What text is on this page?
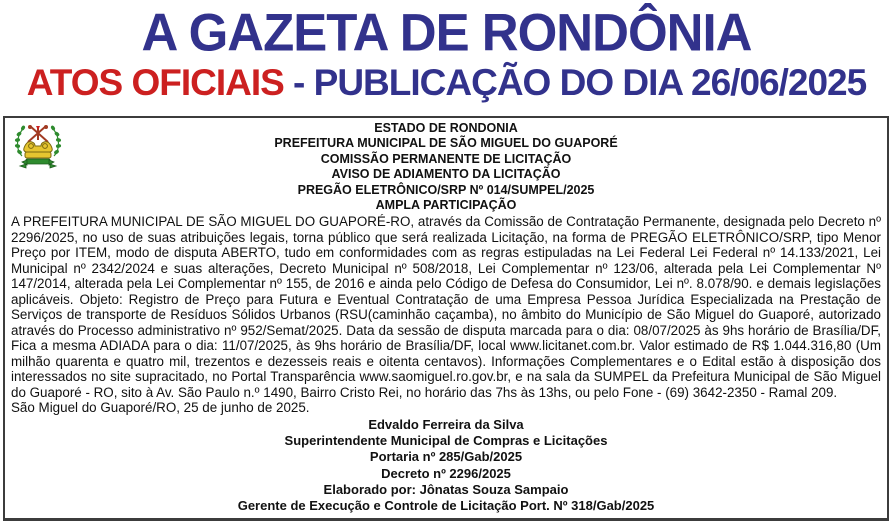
A GAZETA DE RONDÔNIA
ATOS OFICIAIS - PUBLICAÇÃO DO DIA 26/06/2025
ESTADO DE RONDONIA
PREFEITURA MUNICIPAL DE SÃO MIGUEL DO GUAPORÉ
COMISSÃO PERMANENTE DE LICITAÇÃO
AVISO DE ADIAMENTO DA LICITAÇÃO
PREGÃO ELETRÔNICO/SRP Nº 014/SUMPEL/2025
AMPLA PARTICIPAÇÃO
A PREFEITURA MUNICIPAL DE SÃO MIGUEL DO GUAPORÉ-RO, através da Comissão de Contratação Permanente, designada pelo Decreto nº 2296/2025, no uso de suas atribuições legais, torna público que será realizada Licitação, na forma de PREGÃO ELETRÔNICO/SRP, tipo Menor Preço por ITEM, modo de disputa ABERTO, tudo em conformidades com as regras estipuladas na Lei Federal Lei Federal nº 14.133/2021, Lei Municipal nº 2342/2024 e suas alterações, Decreto Municipal nº 508/2018, Lei Complementar nº 123/06, alterada pela Lei Complementar Nº 147/2014, alterada pela Lei Complementar nº 155, de 2016 e ainda pelo Código de Defesa do Consumidor, Lei nº. 8.078/90. e demais legislações aplicáveis. Objeto: Registro de Preço para Futura e Eventual Contratação de uma Empresa Pessoa Jurídica Especializada na Prestação de Serviços de transporte de Resíduos Sólidos Urbanos (RSU(caminhão caçamba), no âmbito do Município de São Miguel do Guaporé, autorizado através do Processo administrativo nº 952/Semat/2025. Data da sessão de disputa marcada para o dia: 08/07/2025 às 9hs horário de Brasília/DF, Fica a mesma ADIADA para o dia: 11/07/2025, às 9hs horário de Brasília/DF, local www.licitanet.com.br. Valor estimado de R$ 1.044.316,80 (Um milhão quarenta e quatro mil, trezentos e dezesseis reais e oitenta centavos). Informações Complementares e o Edital estão à disposição dos interessados no site supracitado, no Portal Transparência www.saomiguel.ro.gov.br, e na sala da SUMPEL da Prefeitura Municipal de São Miguel do Guaporé - RO, sito à Av. São Paulo n.º 1490, Bairro Cristo Rei, no horário das 7hs às 13hs, ou pelo Fone - (69) 3642-2350 - Ramal 209.
São Miguel do Guaporé/RO, 25 de junho de 2025.
Edvaldo Ferreira da Silva
Superintendente Municipal de Compras e Licitações
Portaria nº 285/Gab/2025
Decreto nº 2296/2025
Elaborado por: Jônatas Souza Sampaio
Gerente de Execução e Controle de Licitação Port. Nº 318/Gab/2025
